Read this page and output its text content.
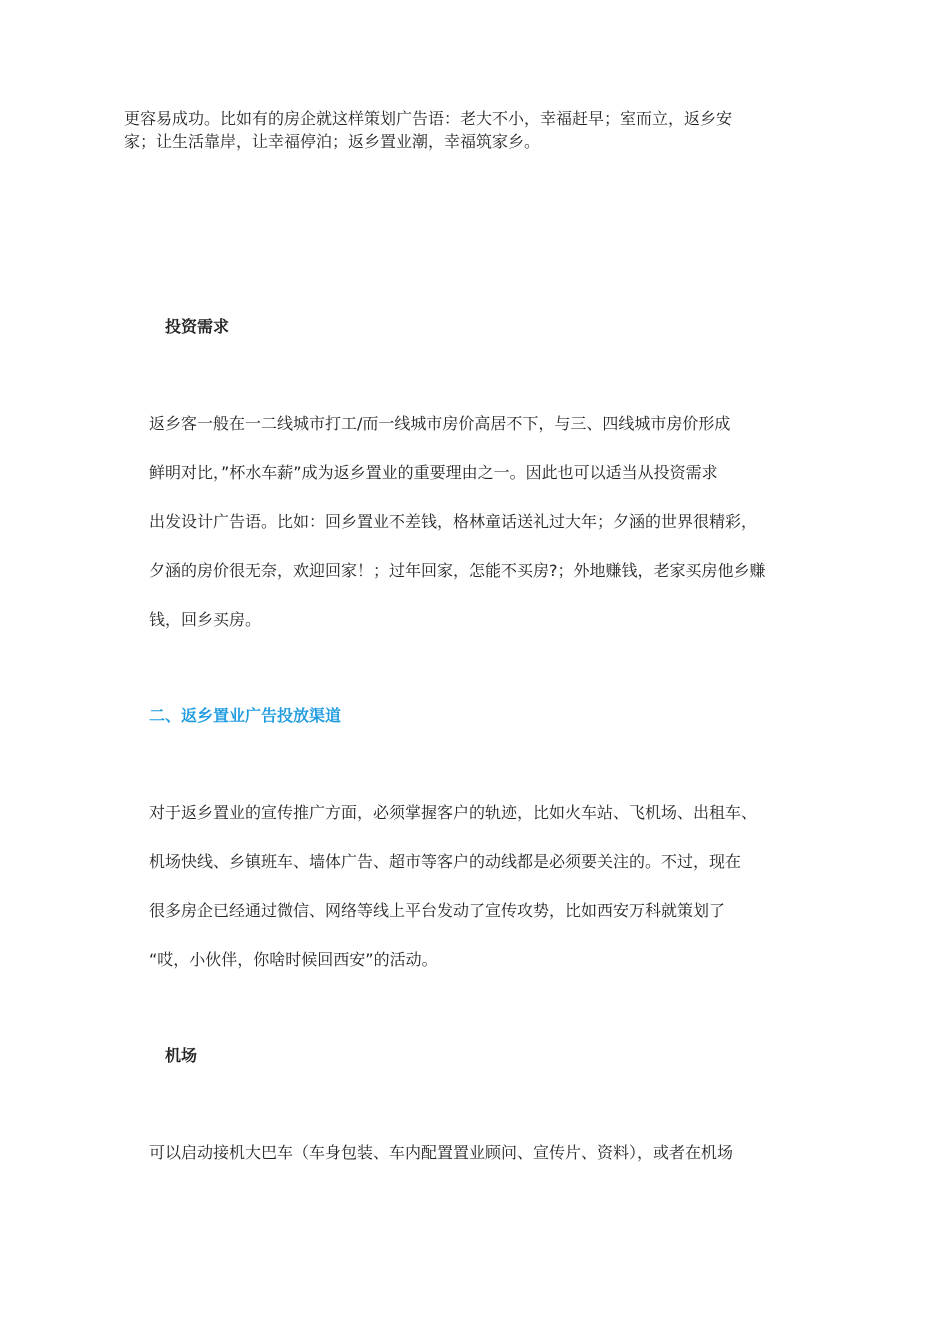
更容易成功。比如有的房企就这样策划广告语：老大不小，幸福赶早；室而立，返乡安

家；让生活靠岸，让幸福停泊；返乡置业潮，幸福筑家乡。

投资需求
返乡客一般在一二线城市打工/而一线城市房价高居不下，与三、四线城市房价形成
鲜明对比，”杯水车薪”成为返乡置业的重要理由之一。因此也可以适当从投资需求
出发设计广告语。比如：回乡置业不差钱，格林童话送礼过大年；夕涵的世界很精彩，
夕涵的房价很无奈，欢迎回家！；过年回家，怎能不买房?；外地赚钱，老家买房他乡赚
钱，回乡买房。
二、返乡置业广告投放渠道
对于返乡置业的宣传推广方面，必须掌握客户的轨迹，比如火车站、飞机场、出租车、
机场快线、乡镇班车、墙体广告、超市等客户的动线都是必须要关注的。不过，现在
很多房企已经通过微信、网络等线上平台发动了宣传攻势，比如西安万科就策划了
“哎，小伙伴，你啥时候回西安”的活动。
机场
可以启动接机大巴车（车身包装、车内配置置业顾问、宣传片、资料），或者在机场
